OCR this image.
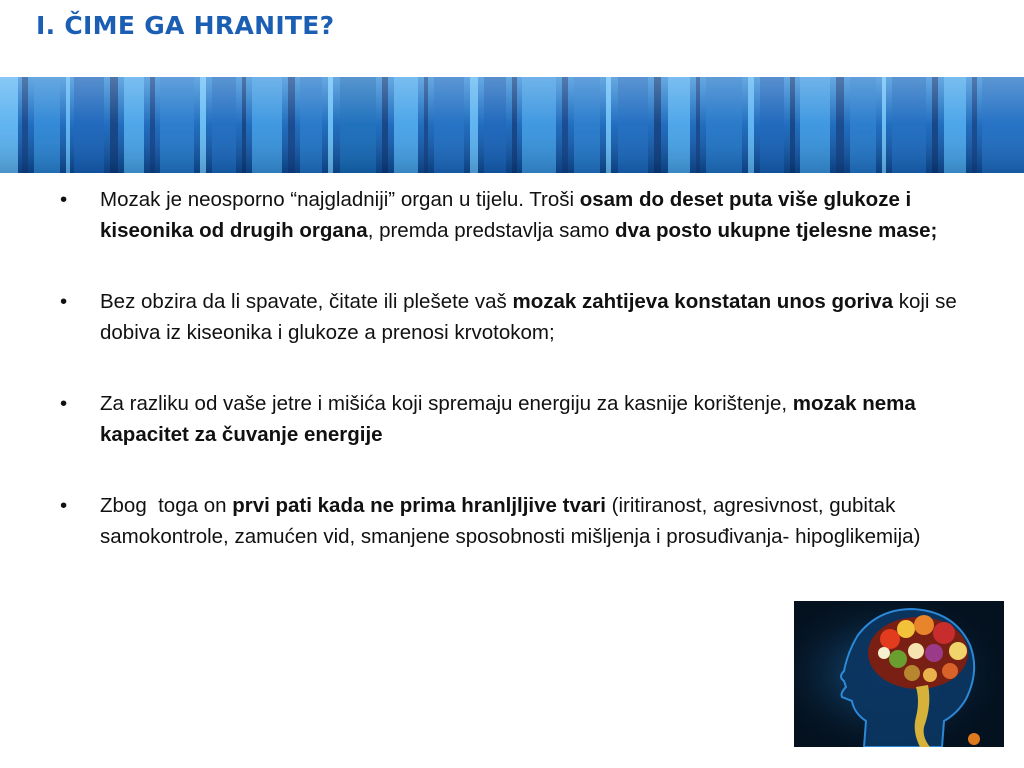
I. ČIME GA HRANITE?
• Mozak je neosporno “najgladniji” organ u tijelu. Troši osam do deset puta više glukoze i kiseonika od drugih organa, premda predstavlja samo dva posto ukupne tjelesne mase;
• Bez obzira da li spavate, čitate ili plešete vaš mozak zahtijeva konstatan unos goriva koji se dobiva iz kiseonika i glukoze a prenosi krvotokom;
• Za razliku od vaše jetre i mišića koji spremaju energiju za kasnije korištenje, mozak nema kapacitet za čuvanje energije
• Zbog  toga on prvi pati kada ne prima hranljljive tvari (iritiranost, agresivnost, gubitak samokontrole, zamućen vid, smanjene sposobnosti mišljenja i prosuđivanja- hipoglikemija)
